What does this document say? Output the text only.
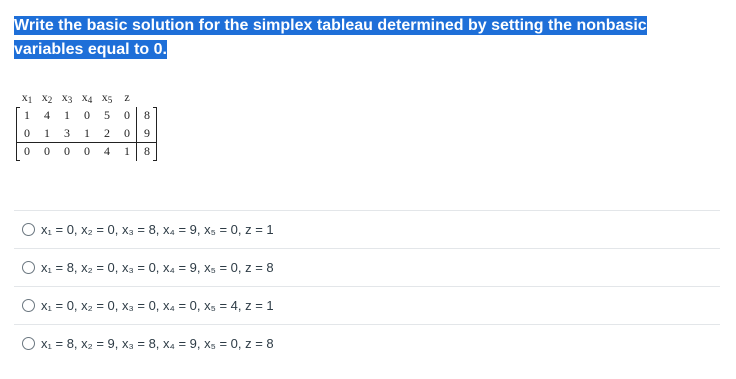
Write the basic solution for the simplex tableau determined by setting the nonbasic variables equal to 0.
$x_1$ $x_2$ $x_3$ $x_4$ $x_5$	z
1	4	1	0	5	0	8
0	1	3	1	2	0	9
0	0	0	0	4	1	8
x₁ = 0, x₂ = 0, x₃ = 8, x₄ = 9, x₅ = 0, z = 1
x₁ = 8, x₂ = 0, x₃ = 0, x₄ = 9, x₅ = 0, z = 8
x₁ = 0, x₂ = 0, x₃ = 0, x₄ = 0, x₅ = 4, z = 1
x₁ = 8, x₂ = 9, x₃ = 8, x₄ = 9, x₅ = 0, z = 8
